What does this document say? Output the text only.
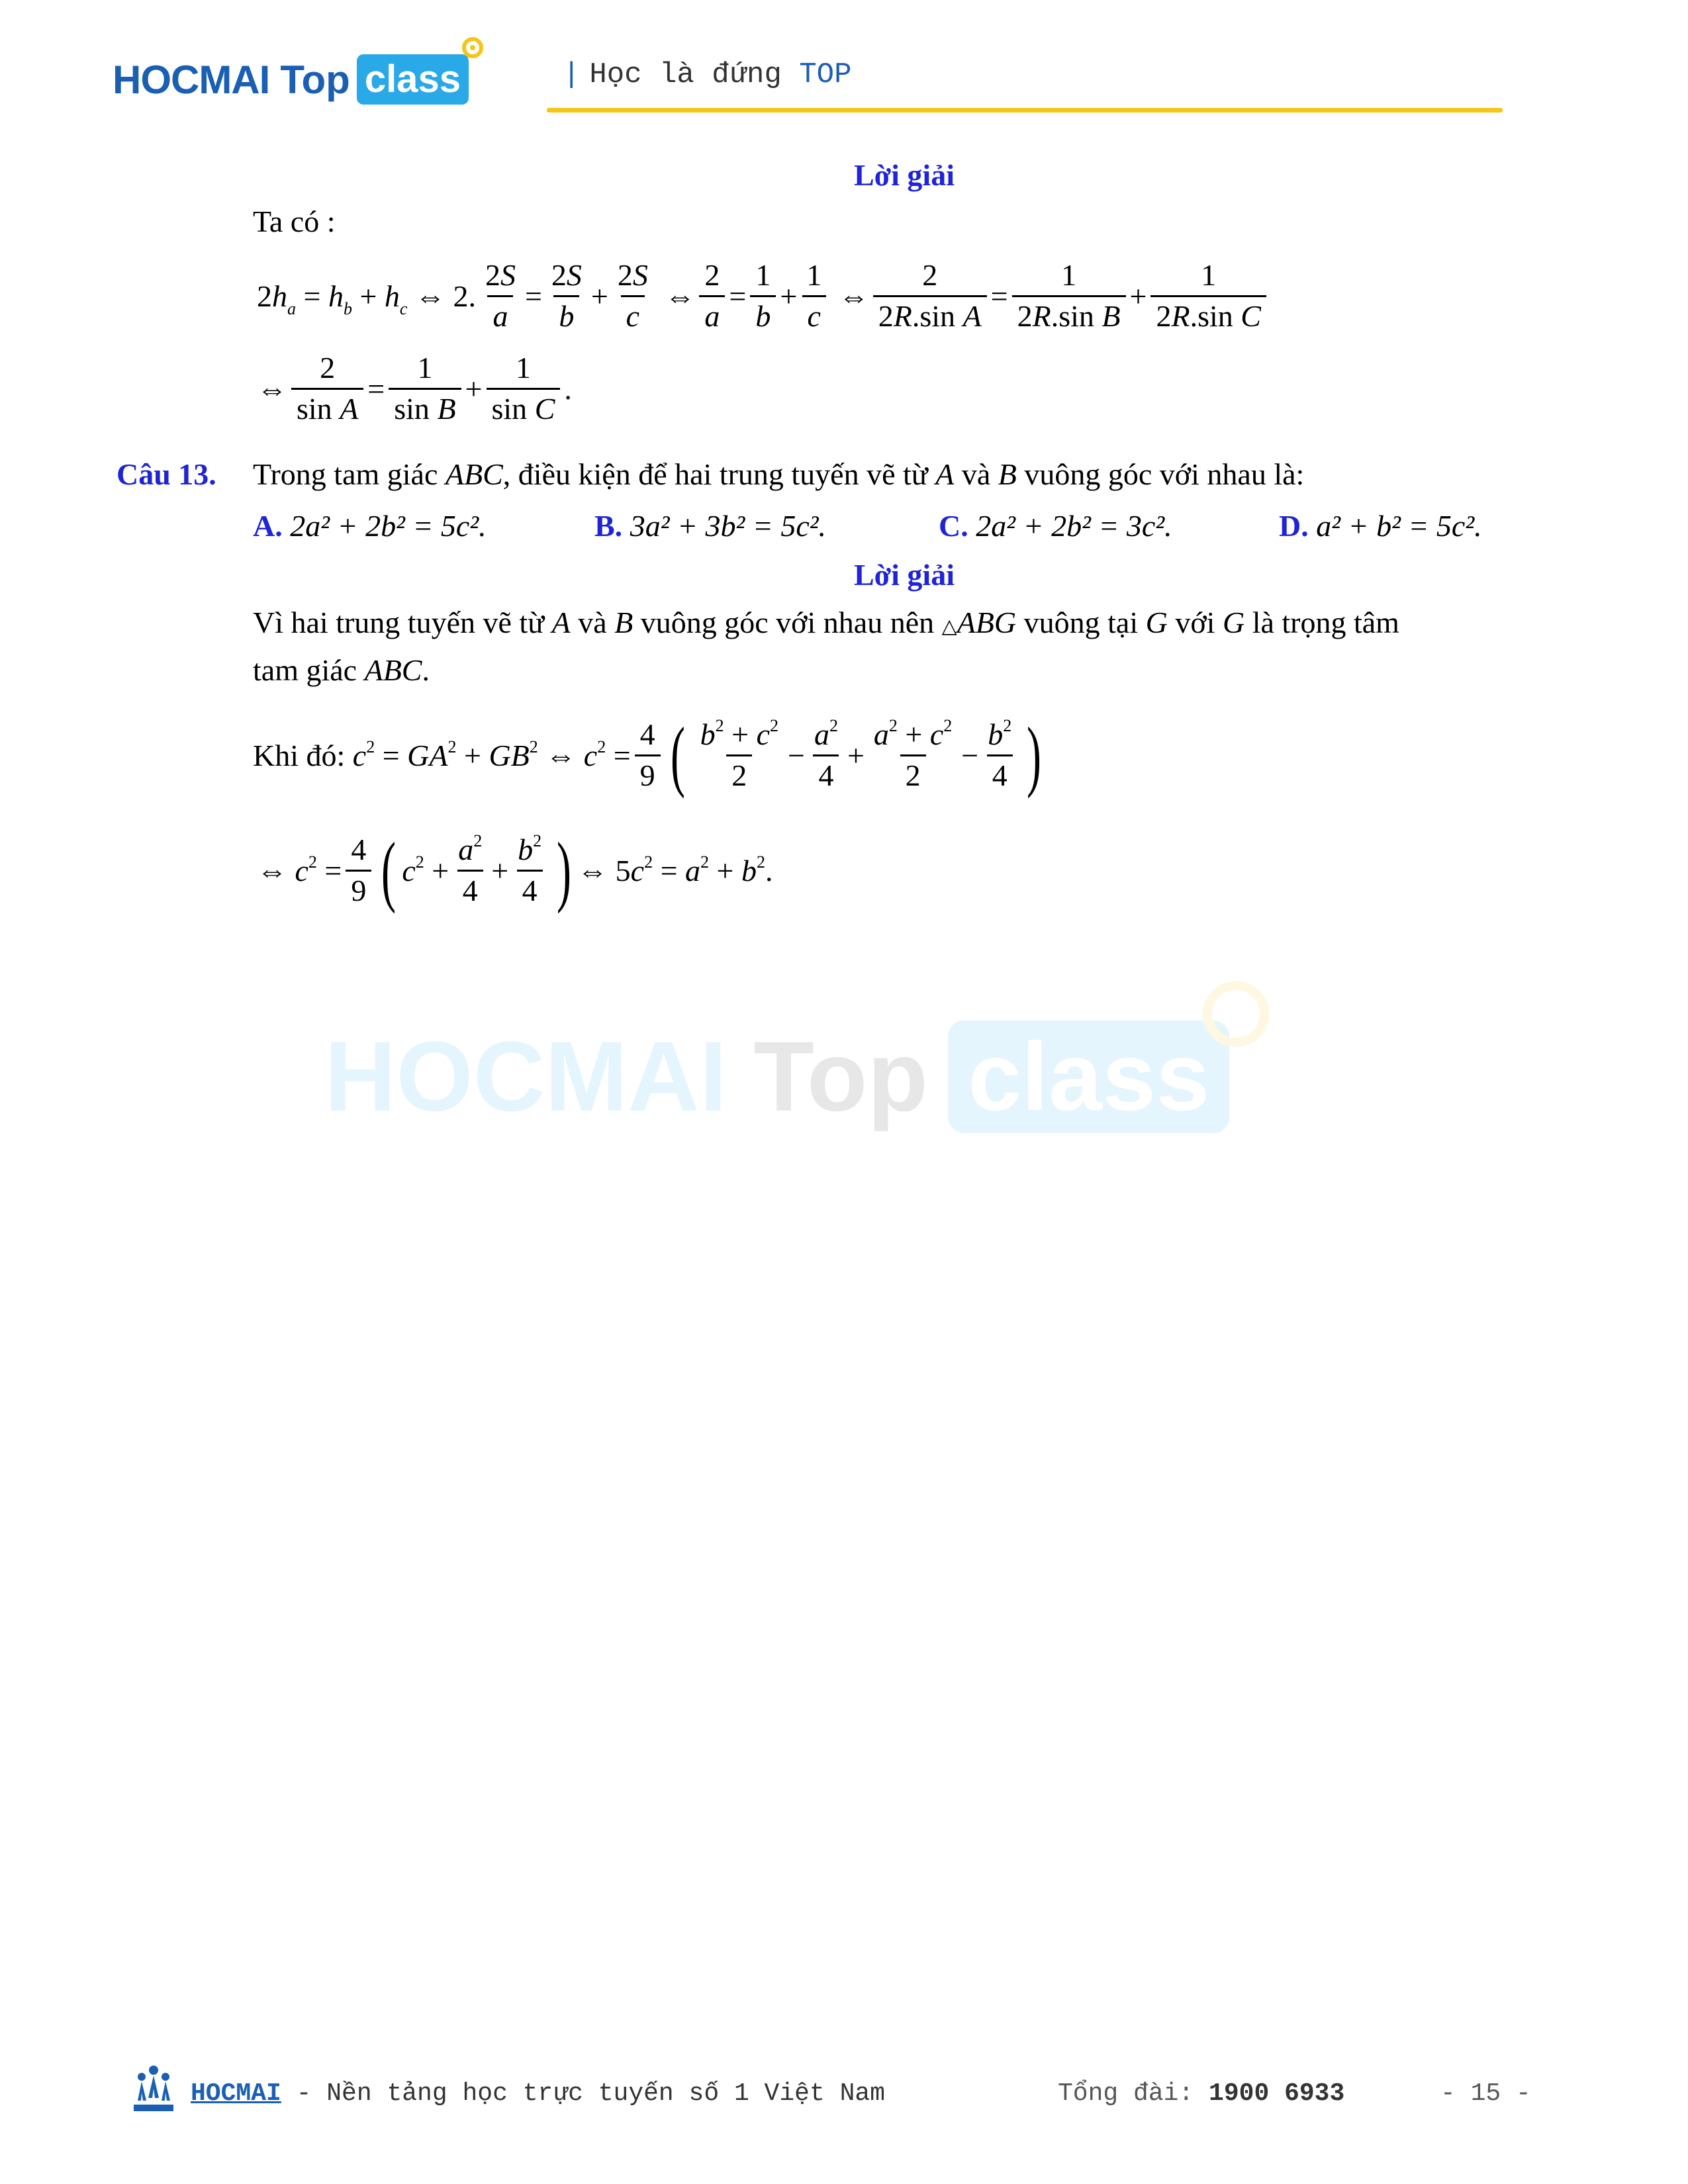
HOCMAI Top class	| Học là đứng TOP
Lời giải
Ta có :
$2h_a = h_b + h_c$ ⇔ 2. $\frac{2S}{a} = \frac{2S}{b} + \frac{2S}{c}$ ⇔ $\frac{2}{a} = \frac{1}{b} + \frac{1}{c}$ ⇔ $\frac{2}{\text{2R.sin A}} = \frac{1}{\text{2R.sin B}} + \frac{1}{\text{2R.sin C}}$
⇔ $\frac{2}{\text{sin A}} = \frac{1}{\text{sin B}} + \frac{1}{\text{sin C}}$ .
Câu 13. Trong tam giác ABC, điều kiện để hai trung tuyến vẽ từ A và B vuông góc với nhau là:
A. 2a² + 2b² = 5c².	B. 3a² + 3b² = 5c².	C. 2a² + 2b² = 3c².	D. a² + b² = 5c².
Lời giải
Vì hai trung tuyến vẽ từ A và B vuông góc với nhau nên △ABG vuông tại G với G là trọng tâm
tam giác ABC.
Khi đó: $c^2 = GA^2 + GB^2$ ⇔ $c^2 = \frac{4}{9}$ ( $\frac{b^2 + c^2}{2} - \frac{a^2}{4} + \frac{a^2 + c^2}{2} - \frac{b^2}{4}$ )
⇔ $c^2 = \frac{4}{9}$ ( $c^2 + \frac{a^2}{4} + \frac{b^2}{4}$ ) ⇔ $5c^2 = a^2 + b^2$.
HOCMAI Top class
HOCMAI - Nền tảng học trực tuyến số 1 Việt Nam	Tổng đài: 1900 6933	- 15 -
